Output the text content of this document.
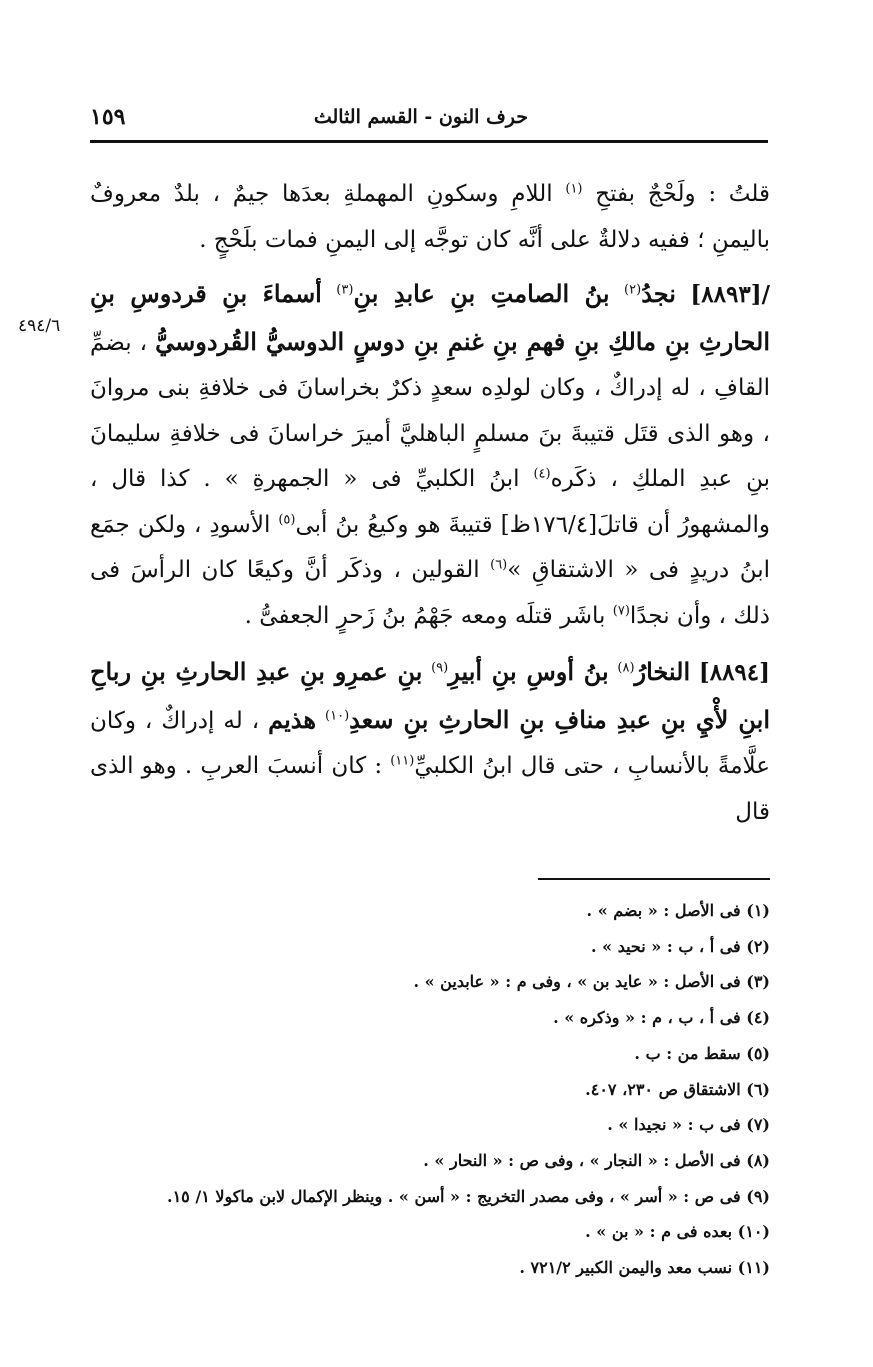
١٥٩	حرف النون - القسم الثالث
٤٩٤/٦

قلتُ : ولَحْجٌ بفتحِ $^{(١)}$ اللامِ وسكونِ المهملةِ بعدَها جيمٌ ، بلدٌ معروفٌ باليمنِ ؛ ففيه دلالةٌ على أنَّه كان توجَّه إلى اليمنِ فمات بلَحْجٍ .

/[٨٨٩٣] نجدُ$^{(٢)}$ بنُ الصامتِ بنِ عابدِ بنِ$^{(٣)}$ أسماءَ بنِ قردوسِ بنِ الحارثِ بنِ مالكِ بنِ فهمِ بنِ غنمِ بنِ دوسٍ الدوسيُّ القُردوسيُّ ، بضمِّ القافِ ، له إدراكٌ ، وكان لولدِه سعدٍ ذكرٌ بخراسانَ فى خلافةِ بنى مروانَ ، وهو الذى قتَل قتيبةَ بنَ مسلمٍ الباهليَّ أميرَ خراسانَ فى خلافةِ سليمانَ بنِ عبدِ الملكِ ، ذكَره$^{(٤)}$ ابنُ الكلبيِّ فى « الجمهرةِ » . كذا قال ، والمشهورُ أن قاتلَ[١٧٦/٤ظ] قتيبةَ هو وكيعُ بنُ أبى$^{(٥)}$ الأسودِ ، ولكن جمَع ابنُ دريدٍ فى « الاشتقاقِ »$^{(٦)}$ القولين ، وذكَر أنَّ وكيعًا كان الرأسَ فى ذلك ، وأن نجدًا$^{(٧)}$ باشَر قتلَه ومعه جَهْمُ بنُ زَحرٍ الجعفىُّ .

[٨٨٩٤] النخارُ$^{(٨)}$ بنُ أوسِ بنِ أبيرِ$^{(٩)}$ بنِ عمرِو بنِ عبدِ الحارثِ بنِ رباحِ ابنِ لأْيِ بنِ عبدِ منافِ بنِ الحارثِ بنِ سعدِ$^{(١٠)}$ هذيم ، له إدراكٌ ، وكان علَّامةً بالأنسابِ ، حتى قال ابنُ الكلبيِّ$^{(١١)}$ : كان أنسبَ العربِ . وهو الذى قال

(١) فى الأصل : « بضم » .
(٢) فى أ ، ب : « نحيد » .
(٣) فى الأصل : « عايد بن » ، وفى م : « عابدين » .
(٤) فى أ ، ب ، م : « وذكره » .
(٥) سقط من : ب .
(٦) الاشتقاق ص ٢٣٠، ٤٠٧.
(٧) فى ب : « نجيدا » .
(٨) فى الأصل : « النجار » ، وفى ص : « النحار » .
(٩) فى ص : « أسر » ، وفى مصدر التخريج : « أسن » . وينظر الإكمال لابن ماكولا ١/ ١٥.
(١٠) بعده فى م : « بن » .
(١١) نسب معد واليمن الكبير ٧٢١/٢ .
